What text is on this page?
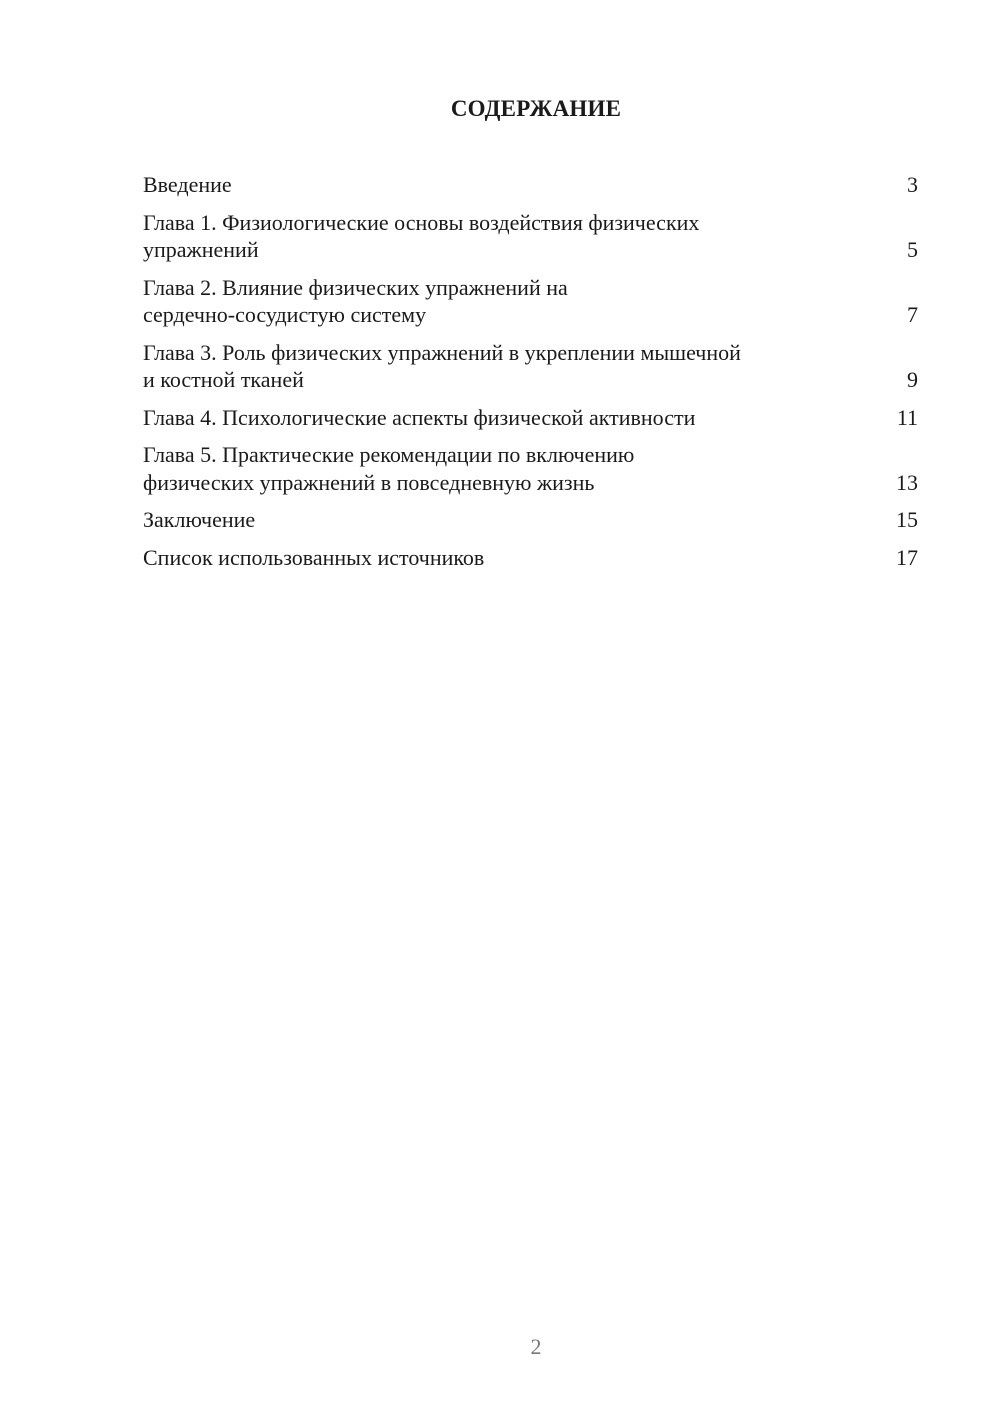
СОДЕРЖАНИЕ
Введение	3
Глава 1. Физиологические основы воздействия физических
упражнений	5
Глава 2. Влияние физических упражнений на
сердечно-сосудистую систему	7
Глава 3. Роль физических упражнений в укреплении мышечной
и костной тканей	9
Глава 4. Психологические аспекты физической активности	11
Глава 5. Практические рекомендации по включению
физических упражнений в повседневную жизнь	13
Заключение	15
Список использованных источников	17
2
